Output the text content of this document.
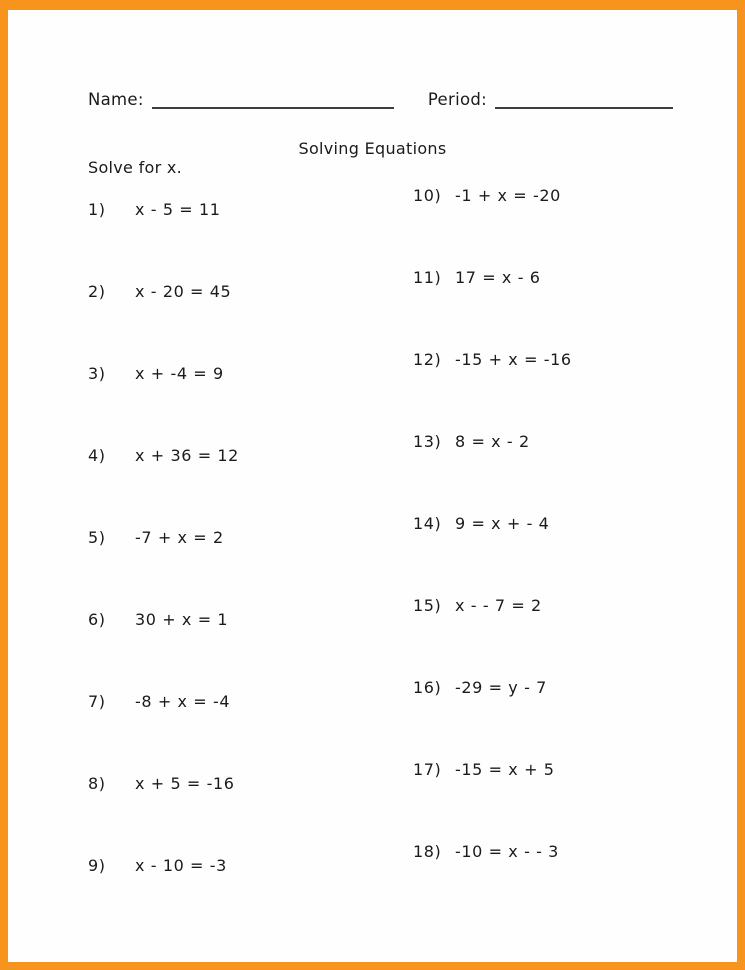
Name:	Period:
Solving Equations
Solve for x.
1)	x - 5 = 11
2)	x - 20 = 45
3)	x + -4 = 9
4)	x + 36 = 12
5)	-7 + x = 2
6)	30 + x = 1
7)	-8 + x = -4
8)	x + 5 = -16
9)	x - 10 = -3
10) -1 + x = -20
11) 17 = x - 6
12) -15 + x = -16
13) 8 = x - 2
14) 9 = x + - 4
15) x - - 7 = 2
16) -29 = y - 7
17) -15 = x + 5
18) -10 = x - - 3
